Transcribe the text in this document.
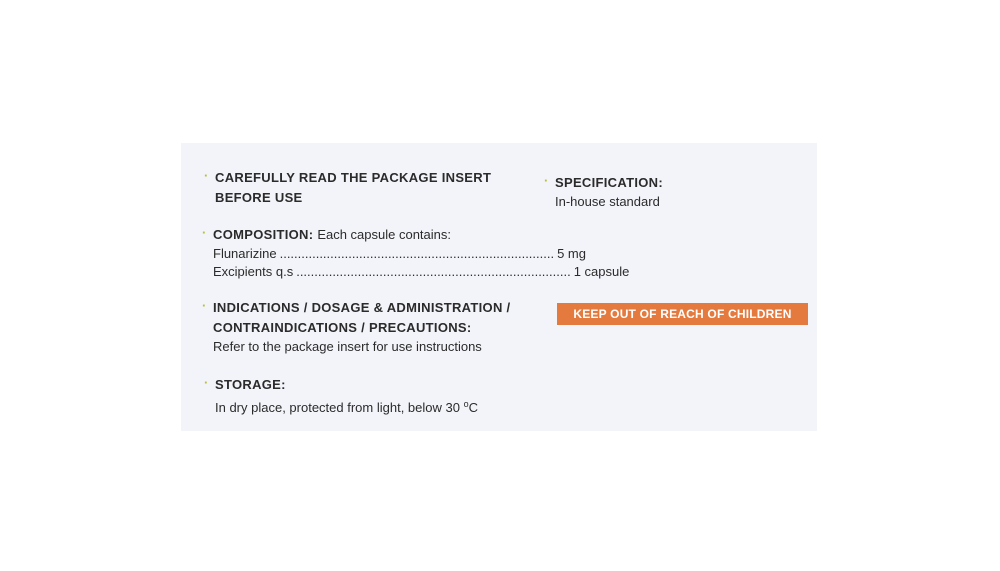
· CAREFULLY READ THE PACKAGE INSERT
BEFORE USE
· COMPOSITION: Each capsule contains:
Flunarizine ............................................................................ 5 mg
Excipients q.s ............................................................................ 1 capsule
· INDICATIONS / DOSAGE & ADMINISTRATION /
CONTRAINDICATIONS / PRECAUTIONS:
Refer to the package insert for use instructions
· STORAGE:
In dry place, protected from light, below 30 $^o$C
· SPECIFICATION:
In-house standard
KEEP OUT OF REACH OF CHILDREN
